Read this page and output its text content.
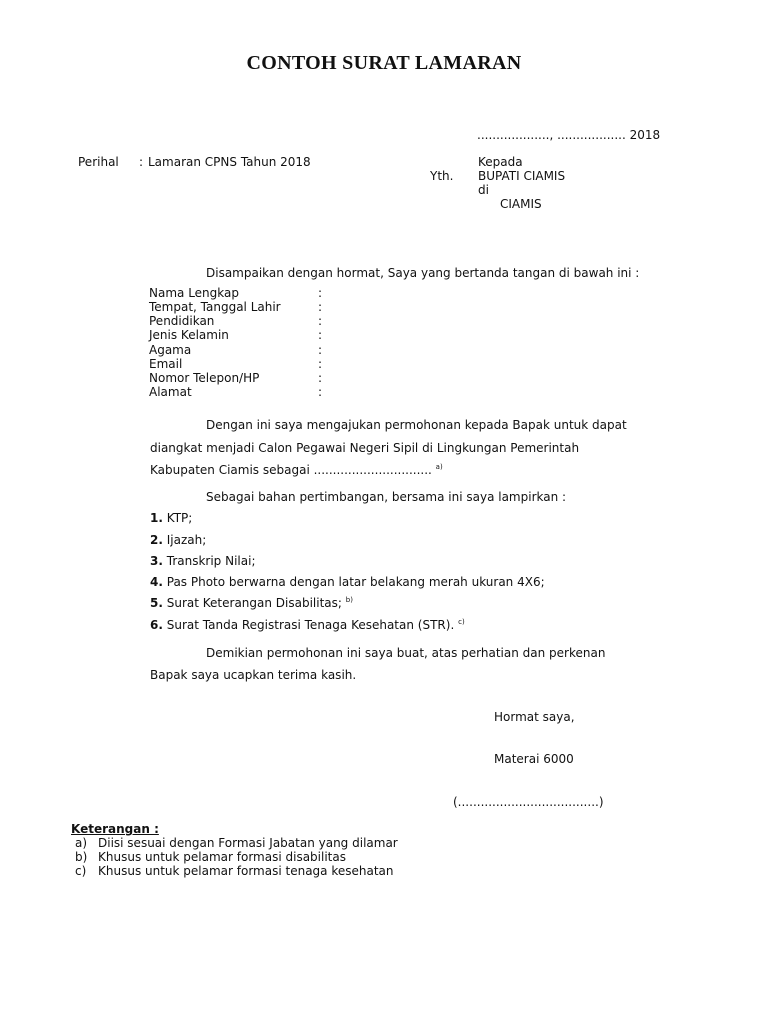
CONTOH SURAT LAMARAN
..................., .................. 2018
Perihal : Lamaran CPNS Tahun 2018	Kepada
Yth. BUPATI CIAMIS
di
CIAMIS
Disampaikan dengan hormat, Saya yang bertanda tangan di bawah ini :
Nama Lengkap	:
Tempat, Tanggal Lahir	:
Pendidikan	:
Jenis Kelamin	:
Agama	:
Email	:
Nomor Telepon/HP	:
Alamat	:
Dengan ini saya mengajukan permohonan kepada Bapak untuk dapat
diangkat menjadi Calon Pegawai Negeri Sipil di Lingkungan Pemerintah
Kabupaten Ciamis sebagai ............................... $^{a)}$
Sebagai bahan pertimbangan, bersama ini saya lampirkan :
1. KTP;
2. Ijazah;
3. Transkrip Nilai;
4. Pas Photo berwarna dengan latar belakang merah ukuran 4X6;
5. Surat Keterangan Disabilitas; $^{b)}$
6. Surat Tanda Registrasi Tenaga Kesehatan (STR). $^{c)}$
Demikian permohonan ini saya buat, atas perhatian dan perkenan
Bapak saya ucapkan terima kasih.
Hormat saya,
Materai 6000
(.....................................)
Keterangan :
a) Diisi sesuai dengan Formasi Jabatan yang dilamar
b) Khusus untuk pelamar formasi disabilitas
c) Khusus untuk pelamar formasi tenaga kesehatan
